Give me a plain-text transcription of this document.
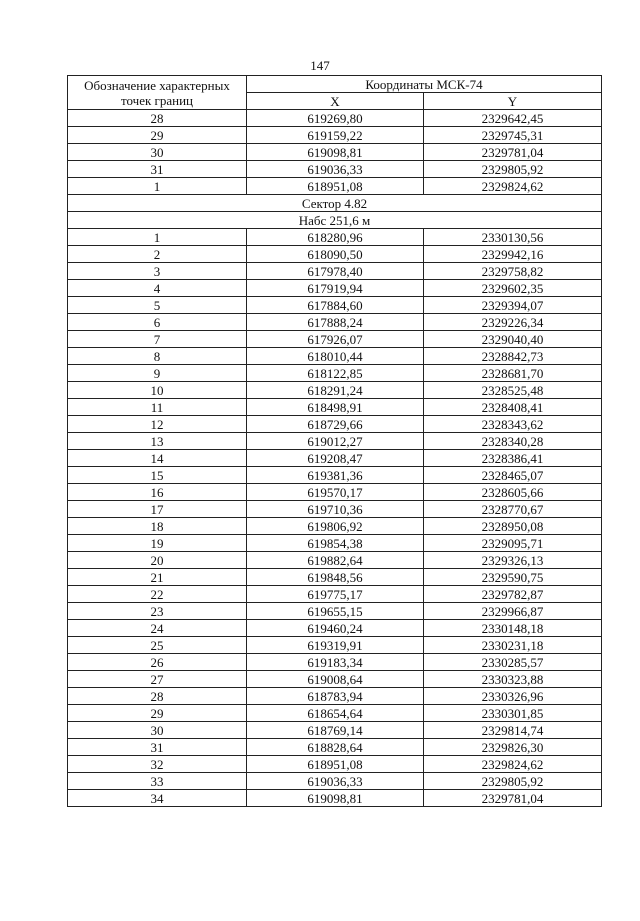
147
Обозначение характерных точек границ	Координаты МСК-74	
	X	Y
28	619269,80	2329642,45
29	619159,22	2329745,31
30	619098,81	2329781,04
31	619036,33	2329805,92
1	618951,08	2329824,62
Сектор 4.82		
Набс 251,6 м		
1	618280,96	2330130,56
2	618090,50	2329942,16
3	617978,40	2329758,82
4	617919,94	2329602,35
5	617884,60	2329394,07
6	617888,24	2329226,34
7	617926,07	2329040,40
8	618010,44	2328842,73
9	618122,85	2328681,70
10	618291,24	2328525,48
11	618498,91	2328408,41
12	618729,66	2328343,62
13	619012,27	2328340,28
14	619208,47	2328386,41
15	619381,36	2328465,07
16	619570,17	2328605,66
17	619710,36	2328770,67
18	619806,92	2328950,08
19	619854,38	2329095,71
20	619882,64	2329326,13
21	619848,56	2329590,75
22	619775,17	2329782,87
23	619655,15	2329966,87
24	619460,24	2330148,18
25	619319,91	2330231,18
26	619183,34	2330285,57
27	619008,64	2330323,88
28	618783,94	2330326,96
29	618654,64	2330301,85
30	618769,14	2329814,74
31	618828,64	2329826,30
32	618951,08	2329824,62
33	619036,33	2329805,92
34	619098,81	2329781,04
